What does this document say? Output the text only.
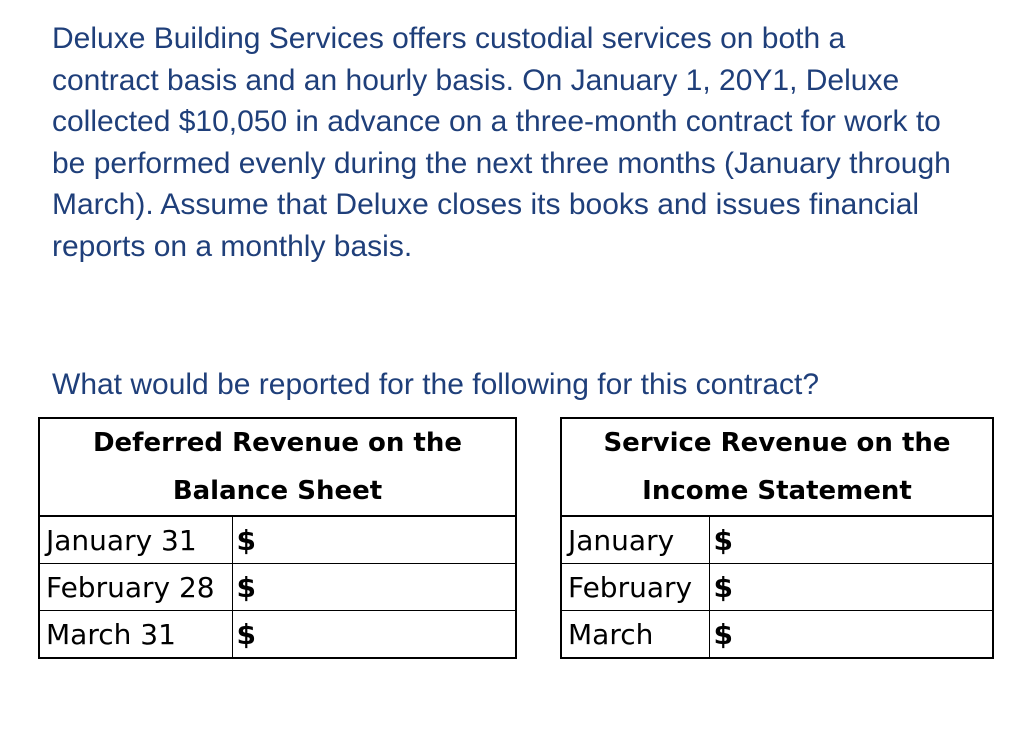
Deluxe Building Services offers custodial services on both a contract basis and an hourly basis. On January 1, 20Y1, Deluxe collected $10,050 in advance on a three-month contract for work to be performed evenly during the next three months (January through March). Assume that Deluxe closes its books and issues financial reports on a monthly basis.

What would be reported for the following for this contract?

Deferred Revenue on the
Balance Sheet	

January 31	$
February 28	$
March 31	$
Service Revenue on the
Income Statement	

January	$
February	$
March	$
